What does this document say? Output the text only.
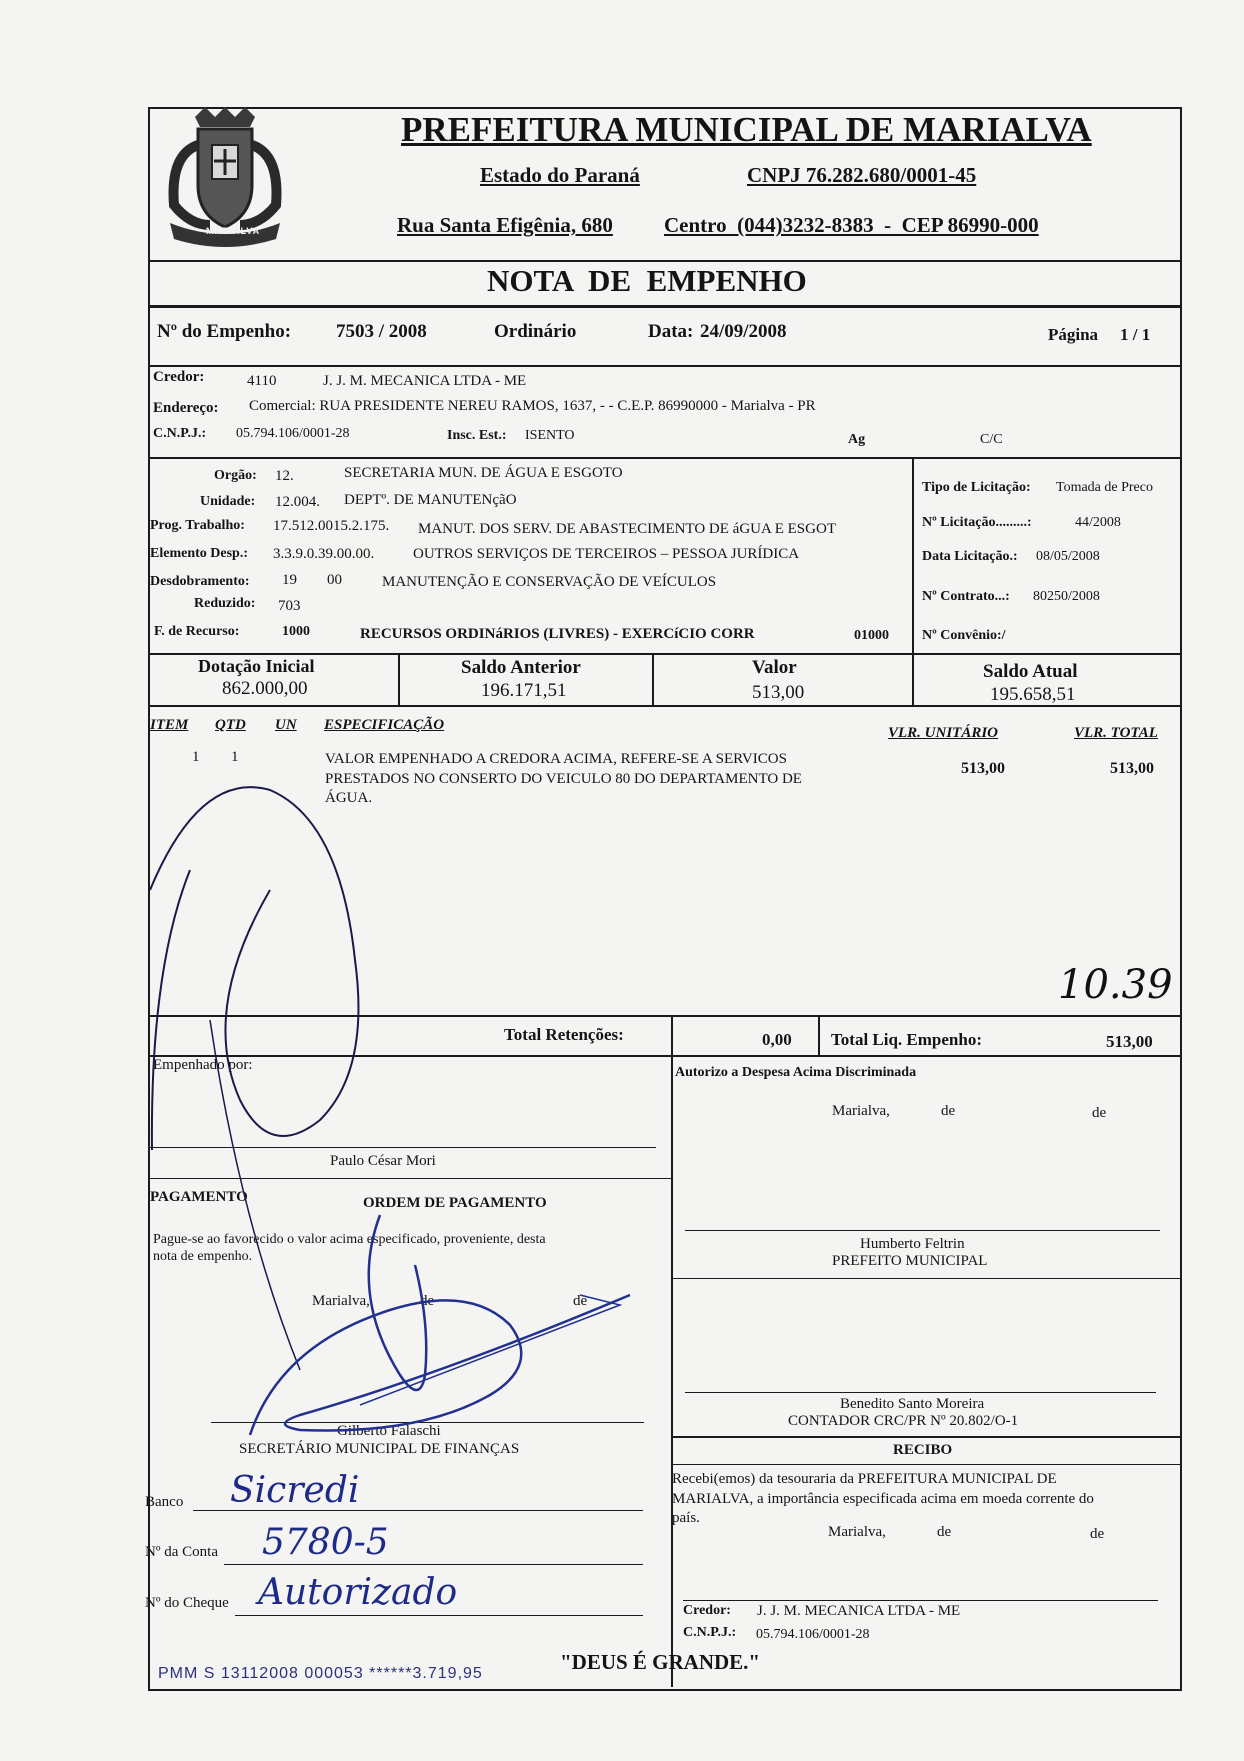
MARIALVA
PREFEITURA MUNICIPAL DE MARIALVA
Estado do Paraná	CNPJ 76.282.680/0001-45
Rua Santa Efigênia, 680 Centro  (044)3232-8383  -  CEP 86990-000
NOTA  DE  EMPENHO
Nº do Empenho: 7503 / 2008	Ordinário	Data: 24/09/2008	Página 1 / 1
Credor:	4110	J. J. M. MECANICA LTDA - ME
Endereço: Comercial: RUA PRESIDENTE NEREU RAMOS, 1637, - - C.E.P. 86990000 - Marialva - PR
C.N.P.J.: 05.794.106/0001-28	Insc. Est.: ISENTO	Ag	C/C
Orgão: 12.	SECRETARIA MUN. DE ÁGUA E ESGOTO
Unidade: 12.004. DEPTº. DE MANUTENçãO
Prog. Trabalho: 17.512.0015.2.175. MANUT. DOS SERV. DE ABASTECIMENTO DE áGUA E ESGOT
Elemento Desp.: 3.3.9.0.39.00.00.	OUTROS SERVIÇOS DE TERCEIROS – PESSOA JURÍDICA
Desdobramento: 19 00	MANUTENÇÃO E CONSERVAÇÃO DE VEÍCULOS
Reduzido: 703
F. de Recurso:	1000	RECURSOS ORDINáRIOS (LIVRES) - EXERCíCIO CORR	01000
Tipo de Licitação: Tomada de Preco
Nº Licitação.........:	44/2008
Data Licitação.: 08/05/2008
Nº Contrato...: 80250/2008
Nº Convênio:/
Dotação Inicial
862.000,00
Saldo Anterior
196.171,51
Valor
513,00
Saldo Atual
195.658,51
ITEM QTD UN ESPECIFICAÇÃO	VLR. UNITÁRIO	VLR. TOTAL
1 1	VALOR EMPENHADO A CREDORA ACIMA, REFERE-SE A SERVICOS
PRESTADOS NO CONSERTO DO VEICULO 80 DO DEPARTAMENTO DE
ÁGUA.
513,00	513,00
10.39
Total Retenções:	0,00 Total Liq. Empenho:	513,00
Empenhado por:
Paulo César Mori
PAGAMENTO	ORDEM DE PAGAMENTO
Pague-se ao favorecido o valor acima especificado, proveniente, desta
nota de empenho.
Marialva,	de	de
Gilberto Falaschi
SECRETÁRIO MUNICIPAL DE FINANÇAS
Banco Sicredi
Nº da Conta 5780-5
Nº do Cheque Autorizado
Autorizo a Despesa Acima Discriminada
Marialva,	de	de
Humberto Feltrin
PREFEITO MUNICIPAL
Benedito Santo Moreira
CONTADOR CRC/PR Nº 20.802/O-1
RECIBO
Recebi(emos) da tesouraria da PREFEITURA MUNICIPAL DE
MARIALVA, a importância especificada acima em moeda corrente do
país.
Marialva,	de	de
Credor: J. J. M. MECANICA LTDA - ME
C.N.P.J.: 05.794.106/0001-28
PMM S 13112008 000053 ******3.719,95	"DEUS É GRANDE."
